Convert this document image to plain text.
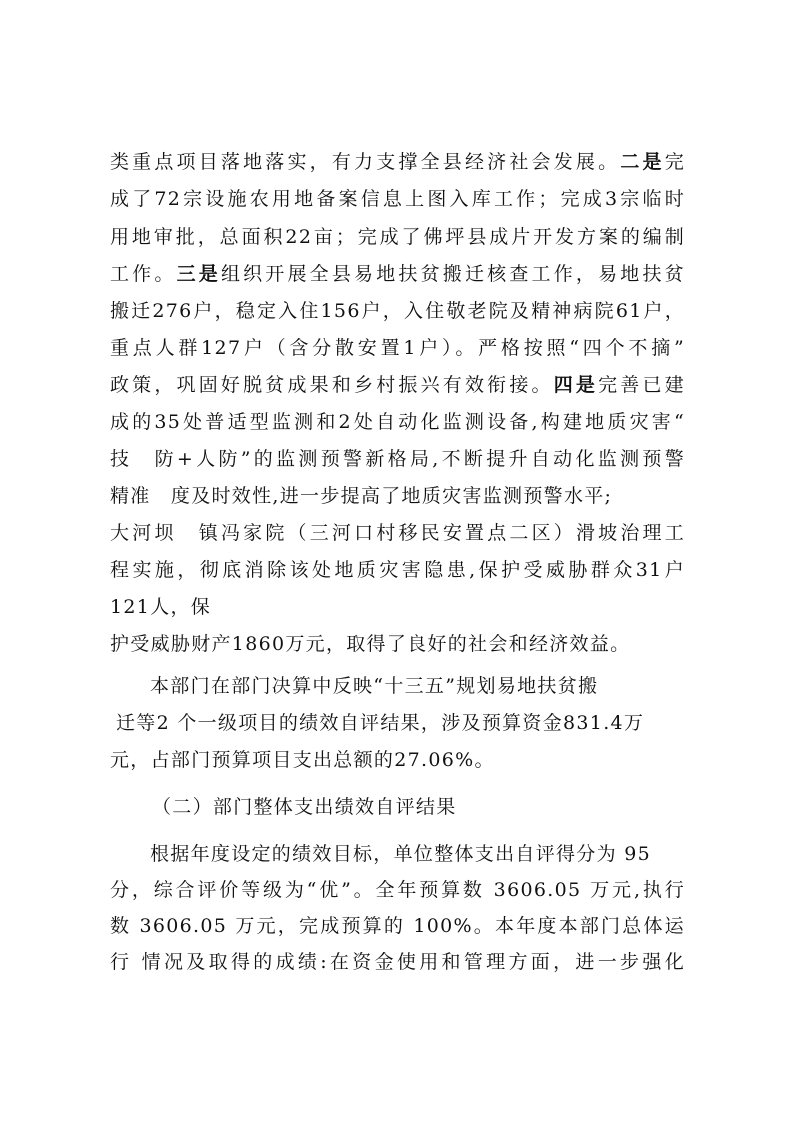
类重点项目落地落实，有力支撑全县经济社会发展。二是完
成了72宗设施农用地备案信息上图入库工作；完成3宗临时
用地审批，总面积22亩；完成了佛坪县成片开发方案的编制
工作。三是组织开展全县易地扶贫搬迁核查工作，易地扶贫
搬迁276户，稳定入住156户，入住敬老院及精神病院61户，
重点人群127户（含分散安置1户）。严格按照“四个不摘”
政策，巩固好脱贫成果和乡村振兴有效衔接。四是完善已建
成的35处普适型监测和2处自动化监测设备,构建地质灾害“
技　防+人防”的监测预警新格局,不断提升自动化监测预警
精准　度及时效性,进一步提高了地质灾害监测预警水平;
大河坝　镇冯家院（三河口村移民安置点二区）滑坡治理工
程实施，彻底消除该处地质灾害隐患,保护受威胁群众31户
121人，保
护受威胁财产1860万元，取得了良好的社会和经济效益。
本部门在部门决算中反映“十三五”规划易地扶贫搬
迁等2 个一级项目的绩效自评结果，涉及预算资金831.4万
元，占部门预算项目支出总额的27.06%。
（二）部门整体支出绩效自评结果
根据年度设定的绩效目标，单位整体支出自评得分为 95
分，综合评价等级为“优”。全年预算数 3606.05 万元,执行
数 3606.05 万元，完成预算的 100%。本年度本部门总体运
行 情况及取得的成绩:在资金使用和管理方面，进一步强化
